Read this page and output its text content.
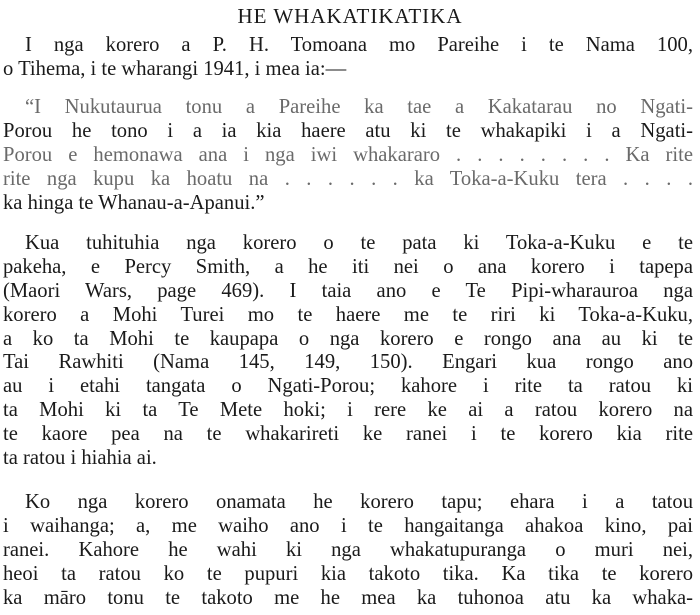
HE WHAKATIKATIKA
I nga korero a P. H. Tomoana mo Pareihe i te Nama 100,
o Tihema, i te wharangi 1941, i mea ia:—
“I Nukutaurua tonu a Pareihe ka tae a Kakatarau no Ngati-
Porou he tono i a ia kia haere atu ki te whakapiki i a Ngati-
Porou e hemonawa ana i nga iwi whakararo . . . . . . . . Ka rite
rite nga kupu ka hoatu na . . . . . . ka Toka-a-Kuku tera . . . .
ka hinga te Whanau-a-Apanui.”
Kua tuhituhia nga korero o te pata ki Toka-a-Kuku e te
pakeha, e Percy Smith, a he iti nei o ana korero i tapepa
(Maori Wars, page 469). I taia ano e Te Pipi-wharauroa nga
korero a Mohi Turei mo te haere me te riri ki Toka-a-Kuku,
a ko ta Mohi te kaupapa o nga korero e rongo ana au ki te
Tai Rawhiti (Nama 145, 149, 150). Engari kua rongo ano
au i etahi tangata o Ngati-Porou; kahore i rite ta ratou ki
ta Mohi ki ta Te Mete hoki; i rere ke ai a ratou korero na
te kaore pea na te whakarireti ke ranei i te korero kia rite
ta ratou i hiahia ai.
Ko nga korero onamata he korero tapu; ehara i a tatou
i waihanga; a, me waiho ano i te hangaitanga ahakoa kino, pai
ranei. Kahore he wahi ki nga whakatupuranga o muri nei,
heoi ta ratou ko te pupuri kia takoto tika. Ka tika te korero
ka māro tonu te takoto me he mea ka tuhonoa atu ka whaka-
